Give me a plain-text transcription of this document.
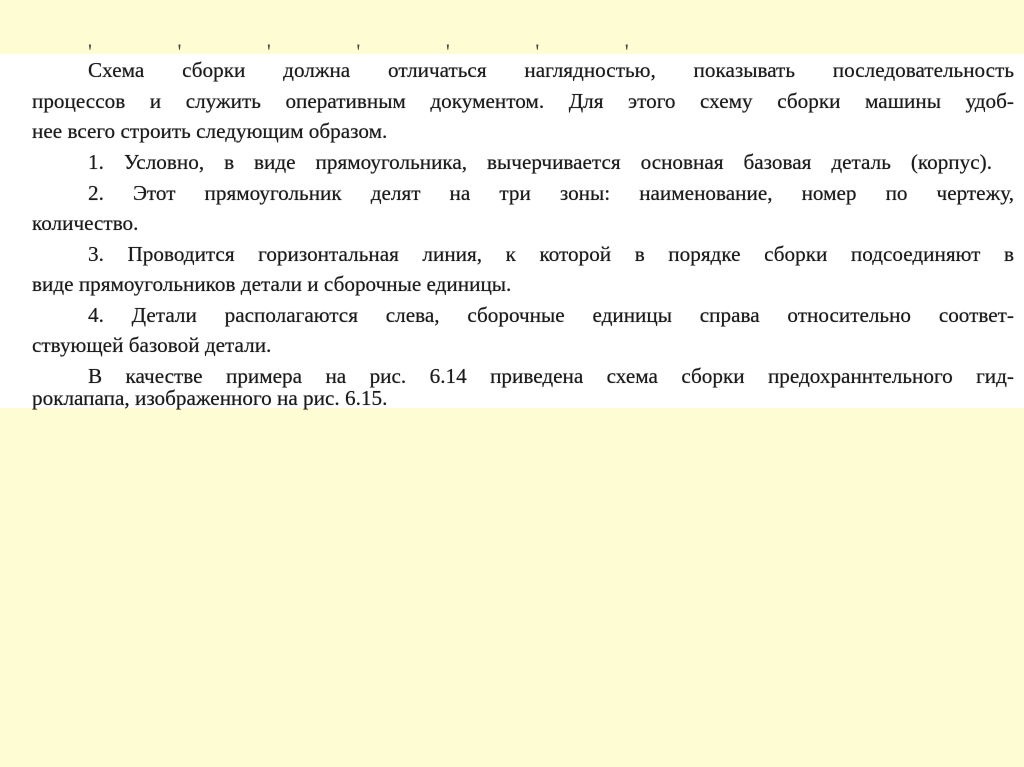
' ' ' ' ' ' '
Схема сборки должна отличаться наглядностью, показывать последовательность
процессов и служить оперативным документом. Для этого схему сборки машины удоб-
нее всего строить следующим образом.
1. Условно, в виде прямоугольника, вычерчивается основная базовая деталь (корпус).
2. Этот прямоугольник делят на три зоны: наименование, номер по чертежу,
количество.
3. Проводится горизонтальная линия, к которой в порядке сборки подсоединяют в
виде прямоугольников детали и сборочные единицы.
4. Детали располагаются слева, сборочные единицы справа относительно соответ-
ствующей базовой детали.
В качестве примера на рис. 6.14 приведена схема сборки предохраннтельного гид-
роклапапа, изображенного на рис. 6.15.
